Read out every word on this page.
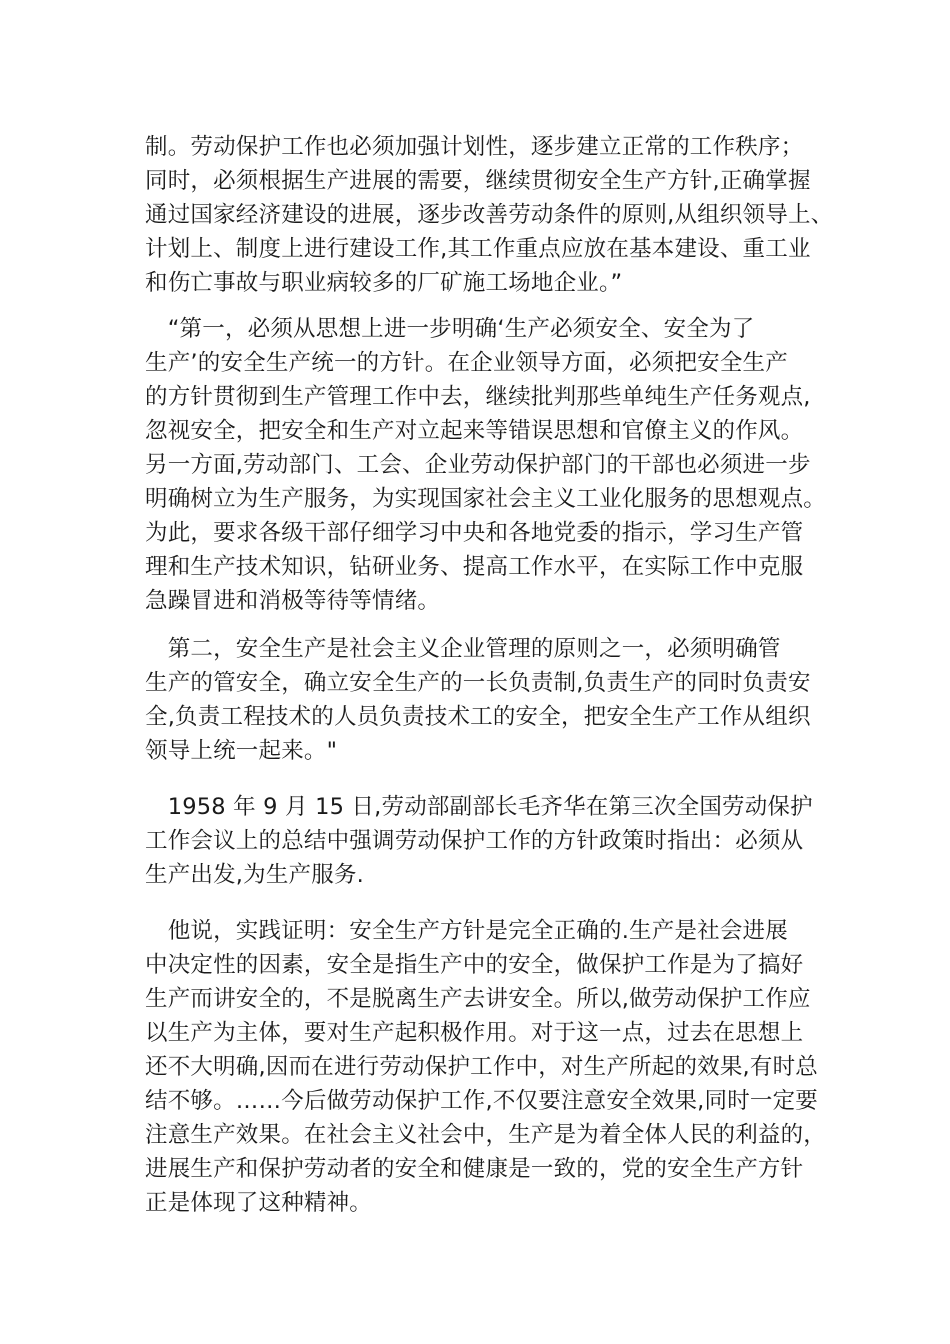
制。劳动保护工作也必须加强计划性，逐步建立正常的工作秩序；
同时，必须根据生产进展的需要，继续贯彻安全生产方针,正确掌握
通过国家经济建设的进展，逐步改善劳动条件的原则,从组织领导上、
计划上、制度上进行建设工作,其工作重点应放在基本建设、重工业
和伤亡事故与职业病较多的厂矿施工场地企业。”
　“第一，必须从思想上进一步明确‘生产必须安全、安全为了
生产’的安全生产统一的方针。在企业领导方面，必须把安全生产
的方针贯彻到生产管理工作中去，继续批判那些单纯生产任务观点,
忽视安全，把安全和生产对立起来等错误思想和官僚主义的作风。
另一方面,劳动部门、工会、企业劳动保护部门的干部也必须进一步
明确树立为生产服务，为实现国家社会主义工业化服务的思想观点。
为此，要求各级干部仔细学习中央和各地党委的指示，学习生产管
理和生产技术知识，钻研业务、提高工作水平，在实际工作中克服
急躁冒进和消极等待等情绪。
　第二，安全生产是社会主义企业管理的原则之一，必须明确管
生产的管安全，确立安全生产的一长负责制,负责生产的同时负责安
全,负责工程技术的人员负责技术工的安全，把安全生产工作从组织
领导上统一起来。"
　1958 年 9 月 15 日,劳动部副部长毛齐华在第三次全国劳动保护
工作会议上的总结中强调劳动保护工作的方针政策时指出：必须从
生产出发,为生产服务.
　他说，实践证明：安全生产方针是完全正确的.生产是社会进展
中决定性的因素，安全是指生产中的安全，做保护工作是为了搞好
生产而讲安全的，不是脱离生产去讲安全。所以,做劳动保护工作应
以生产为主体，要对生产起积极作用。对于这一点，过去在思想上
还不大明确,因而在进行劳动保护工作中，对生产所起的效果,有时总
结不够。……今后做劳动保护工作,不仅要注意安全效果,同时一定要
注意生产效果。在社会主义社会中，生产是为着全体人民的利益的，
进展生产和保护劳动者的安全和健康是一致的，党的安全生产方针
正是体现了这种精神。
